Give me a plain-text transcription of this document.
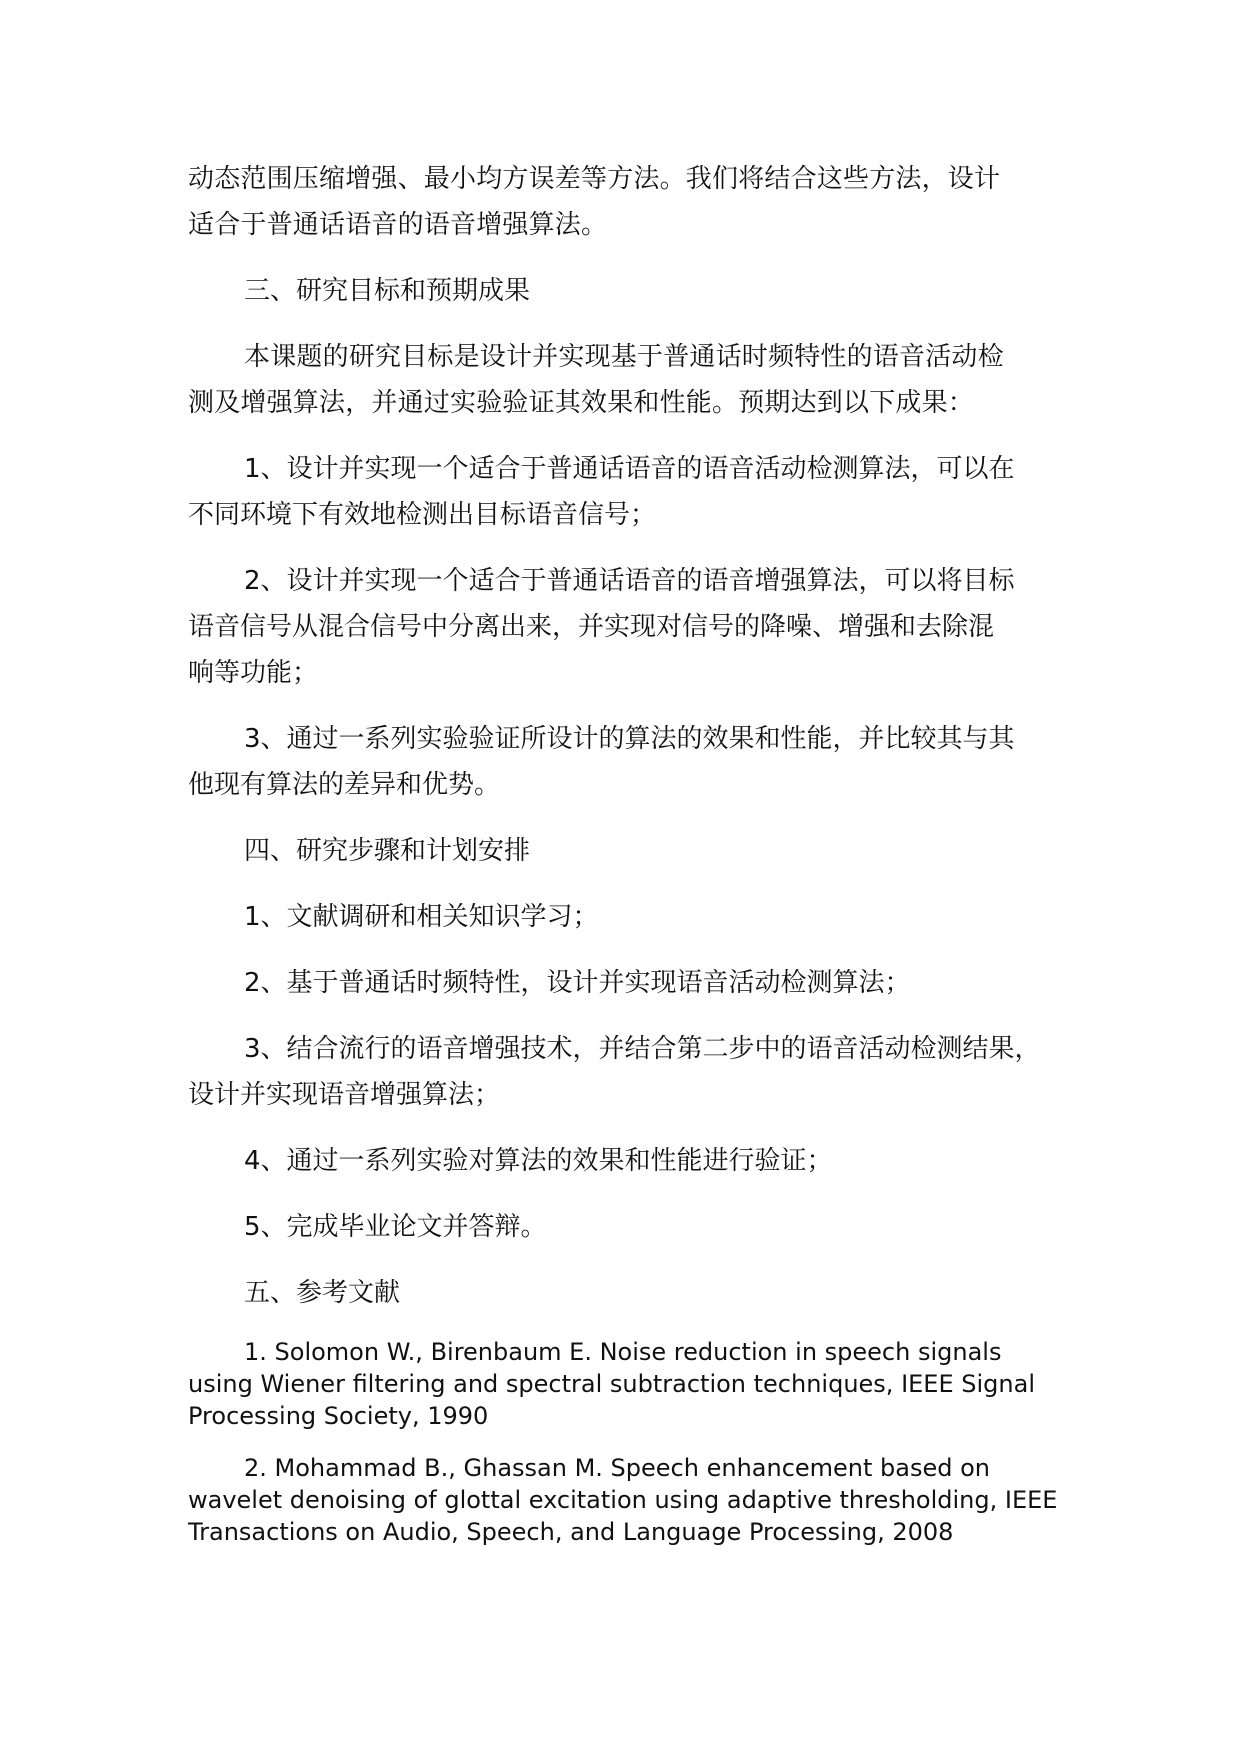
动态范围压缩增强、最小均方误差等方法。我们将结合这些方法，设计
适合于普通话语音的语音增强算法。

三、研究目标和预期成果

本课题的研究目标是设计并实现基于普通话时频特性的语音活动检
测及增强算法，并通过实验验证其效果和性能。预期达到以下成果：

1、设计并实现一个适合于普通话语音的语音活动检测算法，可以在
不同环境下有效地检测出目标语音信号；

2、设计并实现一个适合于普通话语音的语音增强算法，可以将目标
语音信号从混合信号中分离出来，并实现对信号的降噪、增强和去除混
响等功能；

3、通过一系列实验验证所设计的算法的效果和性能，并比较其与其
他现有算法的差异和优势。

四、研究步骤和计划安排

1、文献调研和相关知识学习；

2、基于普通话时频特性，设计并实现语音活动检测算法；

3、结合流行的语音增强技术，并结合第二步中的语音活动检测结果，
设计并实现语音增强算法；

4、通过一系列实验对算法的效果和性能进行验证；

5、完成毕业论文并答辩。

五、参考文献

1. Solomon W., Birenbaum E. Noise reduction in speech signals
using Wiener filtering and spectral subtraction techniques, IEEE Signal
Processing Society, 1990

2. Mohammad B., Ghassan M. Speech enhancement based on
wavelet denoising of glottal excitation using adaptive thresholding, IEEE
Transactions on Audio, Speech, and Language Processing, 2008
